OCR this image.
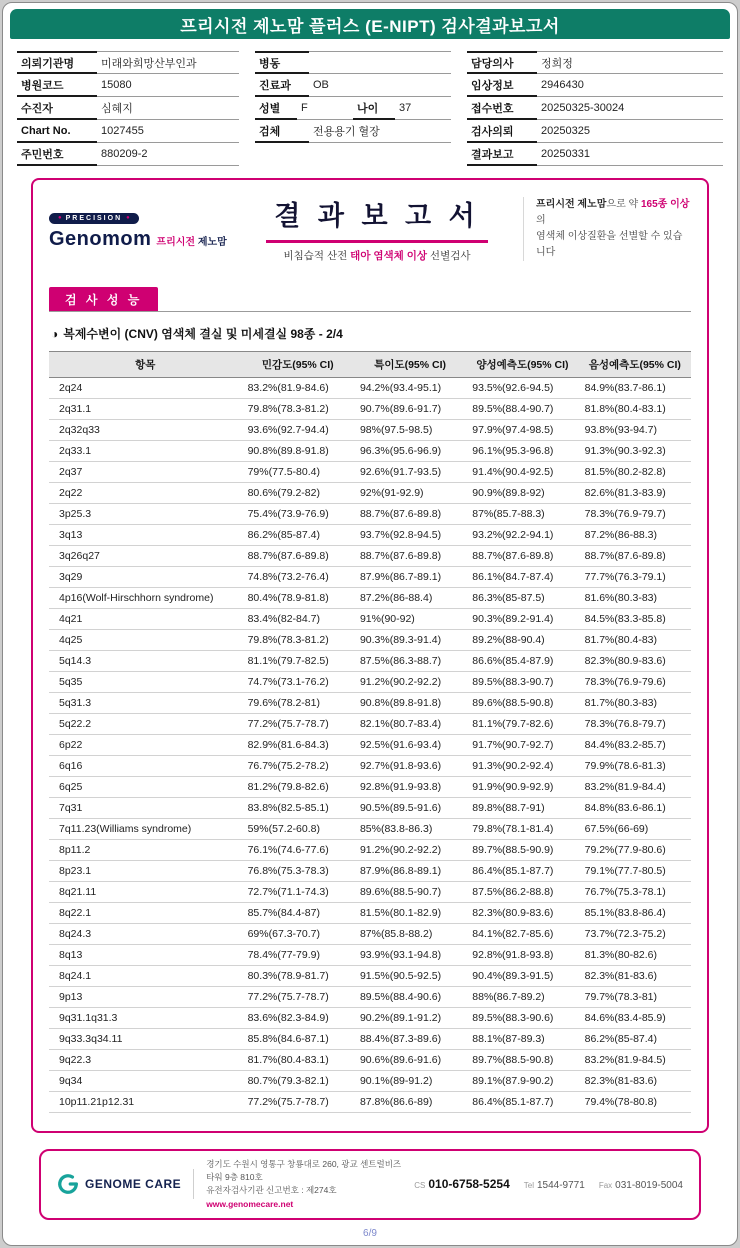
프리시전 제노맘 플러스 (E-NIPT) 검사결과보고서
의뢰기관명	미래와희망산부인과
병원코드	15080
수진자	심혜지
Chart No.	1027455
주민번호	880209-2
병동
진료과	OB
성별	F	나이	37
검체	전용용기 혈장
담당의사	정희정
임상정보	2946430
접수번호	20250325-30024
검사의뢰	20250325
결과보고	20250331
● PRECISION ●
Genomom 프리시전 제노맘
결 과 보 고 서
비침습적 산전 태아 염색체 이상 선별검사
프리시전 제노맘으로 약 165종 이상의
염색체 이상질환을 선별할 수 있습니다
검 사 성 능
◑ 복제수변이 (CNV) 염색체 결실 및 미세결실 98종 - 2/4
항목	민감도(95% CI)	특이도(95% CI)	양성예측도(95% CI)	음성예측도(95% CI)
2q24	83.2%(81.9-84.6)	94.2%(93.4-95.1)	93.5%(92.6-94.5)	84.9%(83.7-86.1)
2q31.1	79.8%(78.3-81.2)	90.7%(89.6-91.7)	89.5%(88.4-90.7)	81.8%(80.4-83.1)
2q32q33	93.6%(92.7-94.4)	98%(97.5-98.5)	97.9%(97.4-98.5)	93.8%(93-94.7)
2q33.1	90.8%(89.8-91.8)	96.3%(95.6-96.9)	96.1%(95.3-96.8)	91.3%(90.3-92.3)
2q37	79%(77.5-80.4)	92.6%(91.7-93.5)	91.4%(90.4-92.5)	81.5%(80.2-82.8)
2q22	80.6%(79.2-82)	92%(91-92.9)	90.9%(89.8-92)	82.6%(81.3-83.9)
3p25.3	75.4%(73.9-76.9)	88.7%(87.6-89.8)	87%(85.7-88.3)	78.3%(76.9-79.7)
3q13	86.2%(85-87.4)	93.7%(92.8-94.5)	93.2%(92.2-94.1)	87.2%(86-88.3)
3q26q27	88.7%(87.6-89.8)	88.7%(87.6-89.8)	88.7%(87.6-89.8)	88.7%(87.6-89.8)
3q29	74.8%(73.2-76.4)	87.9%(86.7-89.1)	86.1%(84.7-87.4)	77.7%(76.3-79.1)
4p16(Wolf-Hirschhorn syndrome)	80.4%(78.9-81.8)	87.2%(86-88.4)	86.3%(85-87.5)	81.6%(80.3-83)
4q21	83.4%(82-84.7)	91%(90-92)	90.3%(89.2-91.4)	84.5%(83.3-85.8)
4q25	79.8%(78.3-81.2)	90.3%(89.3-91.4)	89.2%(88-90.4)	81.7%(80.4-83)
5q14.3	81.1%(79.7-82.5)	87.5%(86.3-88.7)	86.6%(85.4-87.9)	82.3%(80.9-83.6)
5q35	74.7%(73.1-76.2)	91.2%(90.2-92.2)	89.5%(88.3-90.7)	78.3%(76.9-79.6)
5q31.3	79.6%(78.2-81)	90.8%(89.8-91.8)	89.6%(88.5-90.8)	81.7%(80.3-83)
5q22.2	77.2%(75.7-78.7)	82.1%(80.7-83.4)	81.1%(79.7-82.6)	78.3%(76.8-79.7)
6p22	82.9%(81.6-84.3)	92.5%(91.6-93.4)	91.7%(90.7-92.7)	84.4%(83.2-85.7)
6q16	76.7%(75.2-78.2)	92.7%(91.8-93.6)	91.3%(90.2-92.4)	79.9%(78.6-81.3)
6q25	81.2%(79.8-82.6)	92.8%(91.9-93.8)	91.9%(90.9-92.9)	83.2%(81.9-84.4)
7q31	83.8%(82.5-85.1)	90.5%(89.5-91.6)	89.8%(88.7-91)	84.8%(83.6-86.1)
7q11.23(Williams syndrome)	59%(57.2-60.8)	85%(83.8-86.3)	79.8%(78.1-81.4)	67.5%(66-69)
8p11.2	76.1%(74.6-77.6)	91.2%(90.2-92.2)	89.7%(88.5-90.9)	79.2%(77.9-80.6)
8p23.1	76.8%(75.3-78.3)	87.9%(86.8-89.1)	86.4%(85.1-87.7)	79.1%(77.7-80.5)
8q21.11	72.7%(71.1-74.3)	89.6%(88.5-90.7)	87.5%(86.2-88.8)	76.7%(75.3-78.1)
8q22.1	85.7%(84.4-87)	81.5%(80.1-82.9)	82.3%(80.9-83.6)	85.1%(83.8-86.4)
8q24.3	69%(67.3-70.7)	87%(85.8-88.2)	84.1%(82.7-85.6)	73.7%(72.3-75.2)
8q13	78.4%(77-79.9)	93.9%(93.1-94.8)	92.8%(91.8-93.8)	81.3%(80-82.6)
8q24.1	80.3%(78.9-81.7)	91.5%(90.5-92.5)	90.4%(89.3-91.5)	82.3%(81-83.6)
9p13	77.2%(75.7-78.7)	89.5%(88.4-90.6)	88%(86.7-89.2)	79.7%(78.3-81)
9q31.1q31.3	83.6%(82.3-84.9)	90.2%(89.1-91.2)	89.5%(88.3-90.6)	84.6%(83.4-85.9)
9q33.3q34.11	85.8%(84.6-87.1)	88.4%(87.3-89.6)	88.1%(87-89.3)	86.2%(85-87.4)
9q22.3	81.7%(80.4-83.1)	90.6%(89.6-91.6)	89.7%(88.5-90.8)	83.2%(81.9-84.5)
9q34	80.7%(79.3-82.1)	90.1%(89-91.2)	89.1%(87.9-90.2)	82.3%(81-83.6)
10p11.21p12.31	77.2%(75.7-78.7)	87.8%(86.6-89)	86.4%(85.1-87.7)	79.4%(78-80.8)
GENOME CARE
경기도 수원시 영통구 창룡대로 260, 광교 센트럴비즈타워 9층 810호
유전자검사기관 신고번호 : 제274호
www.genomecare.net
CS 010-6758-5254 Tel 1544-9771 Fax 031-8019-5004
6/9
